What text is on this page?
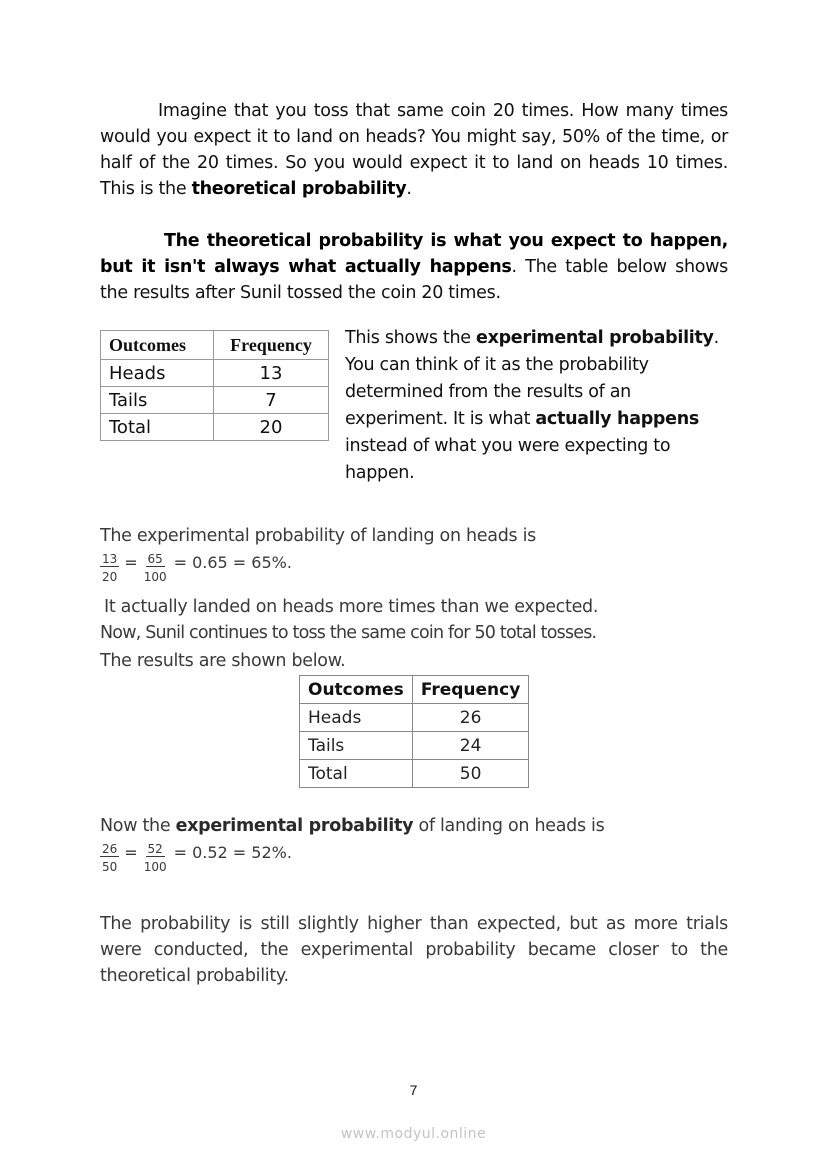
Imagine that you toss that same coin 20 times. How many times would you expect it to land on heads? You might say, 50% of the time, or half of the 20 times. So you would expect it to land on heads 10 times. This is the theoretical probability.

The theoretical probability is what you expect to happen, but it isn't always what actually happens. The table below shows the results after Sunil tossed the coin 20 times.

Outcomes	Frequency
Heads	13
Tails	7
Total	20

This shows the experimental probability. You can think of it as the probability determined from the results of an experiment. It is what actually happens instead of what you were expecting to happen.

The experimental probability of landing on heads is

$\frac{13}{20} = \frac{65}{100} = 0.65 = 65\%$.

It actually landed on heads more times than we expected.

Now, Sunil continues to toss the same coin for 50 total tosses.

The results are shown below.

Outcomes	Frequency
Heads	26
Tails	24
Total	50

Now the experimental probability of landing on heads is

$\frac{26}{50} = \frac{52}{100} = 0.52 = 52\%$.

The probability is still slightly higher than expected, but as more trials were conducted, the experimental probability became closer to the theoretical probability.

7
www.modyul.online
